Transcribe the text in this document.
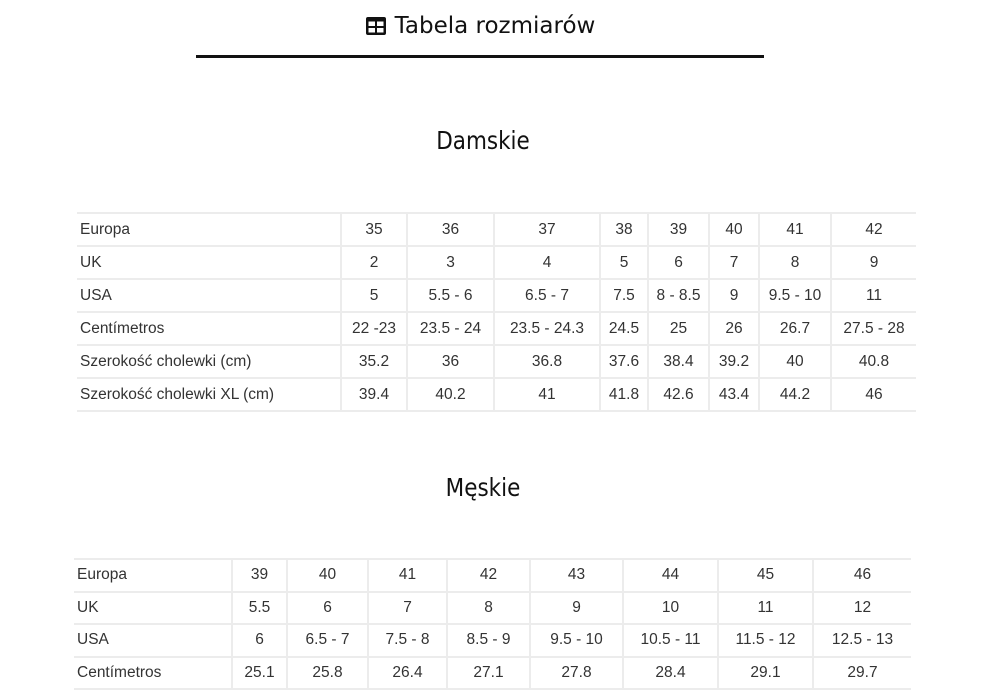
Tabela rozmiarów
Damskie
Europa	35	36	37	38	39	40	41	42
UK	2	3	4	5	6	7	8	9
USA	5	5.5 - 6	6.5 - 7	7.5	8 - 8.5	9	9.5 - 10	11
Centímetros	22 -23	23.5 - 24	23.5 - 24.3	24.5	25	26	26.7	27.5 - 28
Szerokość cholewki (cm)	35.2	36	36.8	37.6	38.4	39.2	40	40.8
Szerokość cholewki XL (cm)	39.4	40.2	41	41.8	42.6	43.4	44.2	46
Męskie
Europa	39	40	41	42	43	44	45	46
UK	5.5	6	7	8	9	10	11	12
USA	6	6.5 - 7	7.5 - 8	8.5 - 9	9.5 - 10	10.5 - 11	11.5 - 12	12.5 - 13
Centímetros	25.1	25.8	26.4	27.1	27.8	28.4	29.1	29.7
